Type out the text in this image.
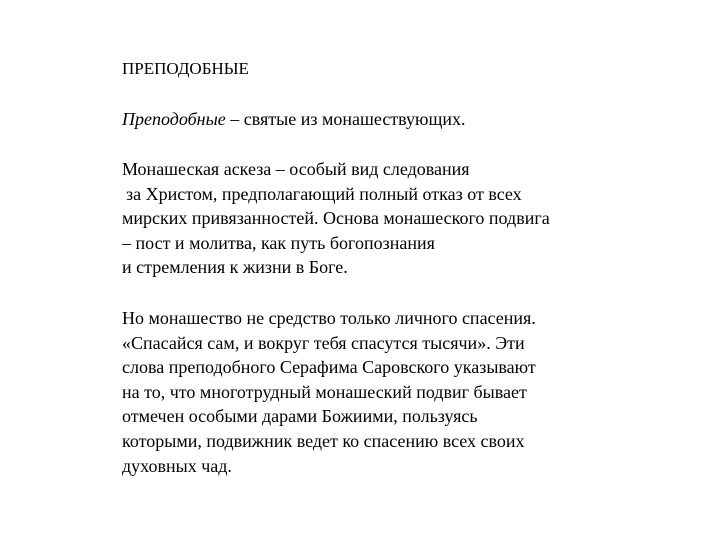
ПРЕПОДОБНЫЕ
Преподобные – святые из монашествующих.
Монашеская аскеза – особый вид следования
за Христом, предполагающий полный отказ от всех
мирских привязанностей. Основа монашеского подвига
– пост и молитва, как путь богопознания
и стремления к жизни в Боге.
Но монашество не средство только личного спасения.
«Спасайся сам, и вокруг тебя спасутся тысячи». Эти
слова преподобного Серафима Саровского указывают
на то, что многотрудный монашеский подвиг бывает
отмечен особыми дарами Божиими, пользуясь
которыми, подвижник ведет ко спасению всех своих
духовных чад.
